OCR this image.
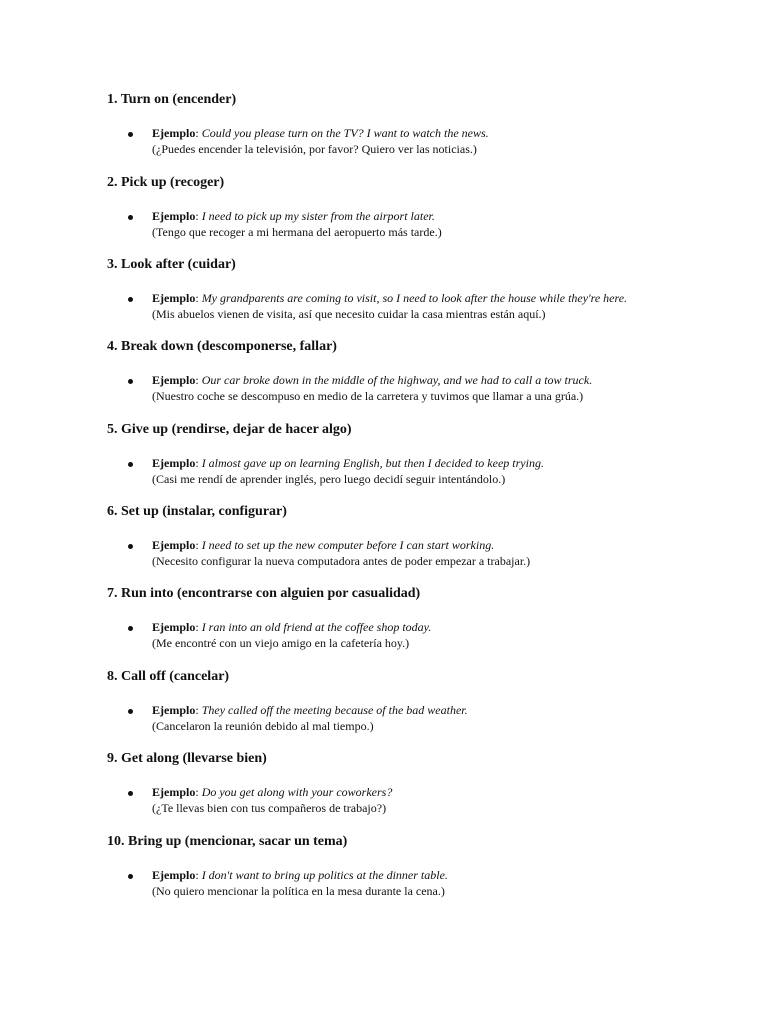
1. Turn on (encender)

Ejemplo: Could you please turn on the TV? I want to watch the news.
(¿Puedes encender la televisión, por favor? Quiero ver las noticias.)

2. Pick up (recoger)

Ejemplo: I need to pick up my sister from the airport later.
(Tengo que recoger a mi hermana del aeropuerto más tarde.)

3. Look after (cuidar)

Ejemplo: My grandparents are coming to visit, so I need to look after the house while they're here.
(Mis abuelos vienen de visita, así que necesito cuidar la casa mientras están aquí.)

4. Break down (descomponerse, fallar)

Ejemplo: Our car broke down in the middle of the highway, and we had to call a tow truck.
(Nuestro coche se descompuso en medio de la carretera y tuvimos que llamar a una grúa.)

5. Give up (rendirse, dejar de hacer algo)

Ejemplo: I almost gave up on learning English, but then I decided to keep trying.
(Casi me rendí de aprender inglés, pero luego decidí seguir intentándolo.)

6. Set up (instalar, configurar)

Ejemplo: I need to set up the new computer before I can start working.
(Necesito configurar la nueva computadora antes de poder empezar a trabajar.)

7. Run into (encontrarse con alguien por casualidad)

Ejemplo: I ran into an old friend at the coffee shop today.
(Me encontré con un viejo amigo en la cafetería hoy.)

8. Call off (cancelar)

Ejemplo: They called off the meeting because of the bad weather.
(Cancelaron la reunión debido al mal tiempo.)

9. Get along (llevarse bien)

Ejemplo: Do you get along with your coworkers?
(¿Te llevas bien con tus compañeros de trabajo?)

10. Bring up (mencionar, sacar un tema)

Ejemplo: I don't want to bring up politics at the dinner table.
(No quiero mencionar la política en la mesa durante la cena.)
